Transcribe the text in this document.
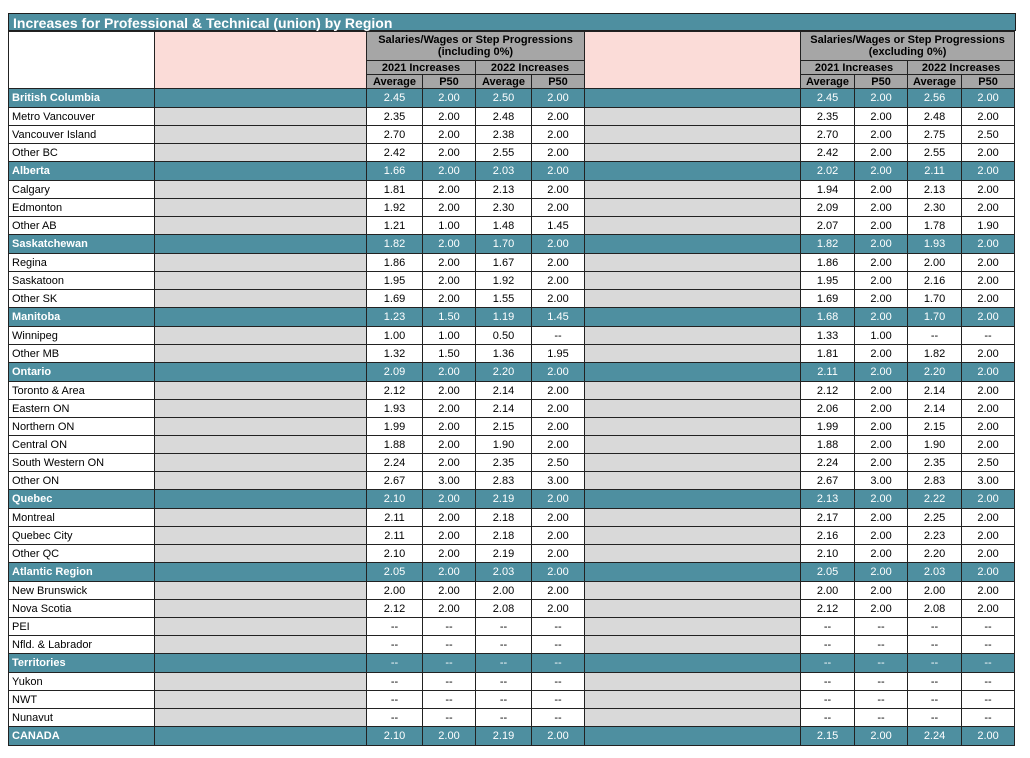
Increases for Professional & Technical (union) by Region
		Salaries/Wages or Step Progressions (including 0%)					Salaries/Wages or Step Progressions (excluding 0%)				
		2021 Increases		2022 Increases			2021 Increases		2022 Increases		
		Average	P50	Average	P50		Average	P50	Average	P50	
British Columbia		2.45	2.00	2.50	2.00		2.45	2.00	2.56	2.00	
Metro Vancouver		2.35	2.00	2.48	2.00		2.35	2.00	2.48	2.00	
Vancouver Island		2.70	2.00	2.38	2.00		2.70	2.00	2.75	2.50	
Other BC		2.42	2.00	2.55	2.00		2.42	2.00	2.55	2.00	
Alberta		1.66	2.00	2.03	2.00		2.02	2.00	2.11	2.00	
Calgary		1.81	2.00	2.13	2.00		1.94	2.00	2.13	2.00	
Edmonton		1.92	2.00	2.30	2.00		2.09	2.00	2.30	2.00	
Other AB		1.21	1.00	1.48	1.45		2.07	2.00	1.78	1.90	
Saskatchewan		1.82	2.00	1.70	2.00		1.82	2.00	1.93	2.00	
Regina		1.86	2.00	1.67	2.00		1.86	2.00	2.00	2.00	
Saskatoon		1.95	2.00	1.92	2.00		1.95	2.00	2.16	2.00	
Other SK		1.69	2.00	1.55	2.00		1.69	2.00	1.70	2.00	
Manitoba		1.23	1.50	1.19	1.45		1.68	2.00	1.70	2.00	
Winnipeg		1.00	1.00	0.50	--		1.33	1.00	--	--	
Other MB		1.32	1.50	1.36	1.95		1.81	2.00	1.82	2.00	
Ontario		2.09	2.00	2.20	2.00		2.11	2.00	2.20	2.00	
Toronto & Area		2.12	2.00	2.14	2.00		2.12	2.00	2.14	2.00	
Eastern ON		1.93	2.00	2.14	2.00		2.06	2.00	2.14	2.00	
Northern ON		1.99	2.00	2.15	2.00		1.99	2.00	2.15	2.00	
Central ON		1.88	2.00	1.90	2.00		1.88	2.00	1.90	2.00	
South Western ON		2.24	2.00	2.35	2.50		2.24	2.00	2.35	2.50	
Other ON		2.67	3.00	2.83	3.00		2.67	3.00	2.83	3.00	
Quebec		2.10	2.00	2.19	2.00		2.13	2.00	2.22	2.00	
Montreal		2.11	2.00	2.18	2.00		2.17	2.00	2.25	2.00	
Quebec City		2.11	2.00	2.18	2.00		2.16	2.00	2.23	2.00	
Other QC		2.10	2.00	2.19	2.00		2.10	2.00	2.20	2.00	
Atlantic Region		2.05	2.00	2.03	2.00		2.05	2.00	2.03	2.00	
New Brunswick		2.00	2.00	2.00	2.00		2.00	2.00	2.00	2.00	
Nova Scotia		2.12	2.00	2.08	2.00		2.12	2.00	2.08	2.00	
PEI		--	--	--	--		--	--	--	--	
Nfld. & Labrador		--	--	--	--		--	--	--	--	
Territories		--	--	--	--		--	--	--	--	
Yukon		--	--	--	--		--	--	--	--	
NWT		--	--	--	--		--	--	--	--	
Nunavut		--	--	--	--		--	--	--	--	
CANADA		2.10	2.00	2.19	2.00		2.15	2.00	2.24	2.00	
